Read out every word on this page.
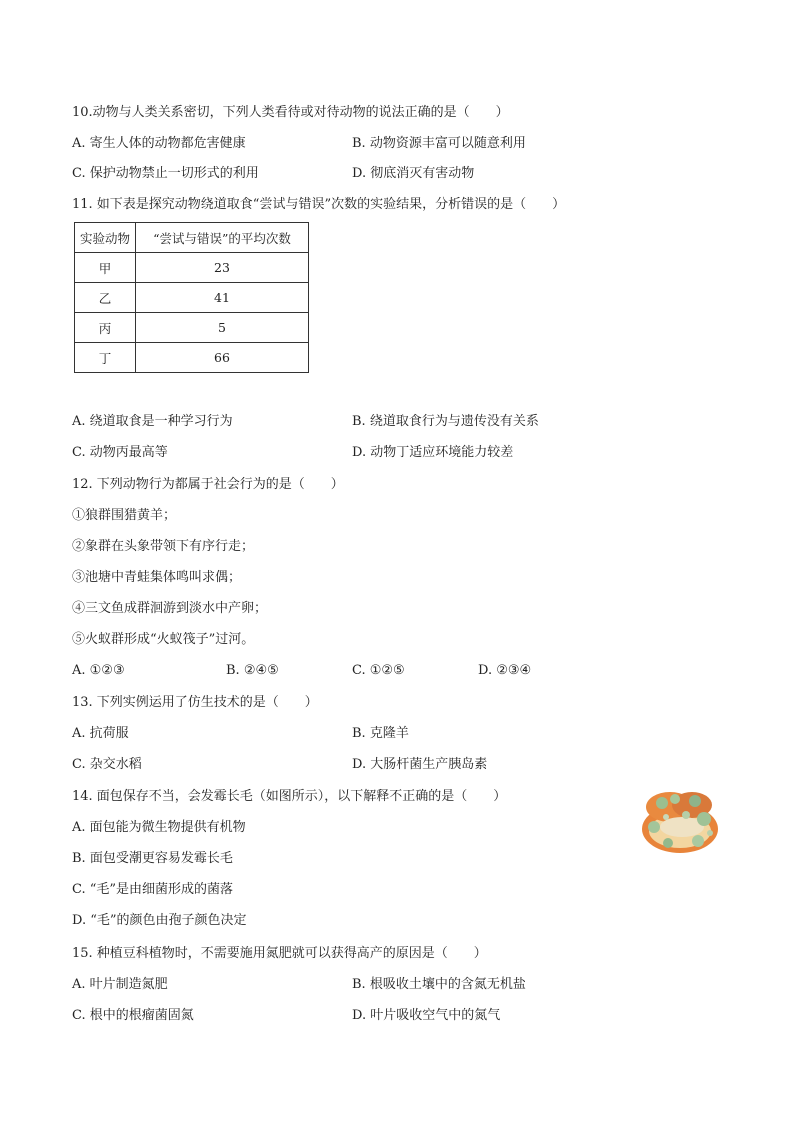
10.动物与人类关系密切，下列人类看待或对待动物的说法正确的是（　　）
A. 寄生人体的动物都危害健康	B. 动物资源丰富可以随意利用
C. 保护动物禁止一切形式的利用	D. 彻底消灭有害动物
11. 如下表是探究动物绕道取食“尝试与错误”次数的实验结果，分析错误的是（　　）
实验动物	“尝试与错误”的平均次数
甲	23
乙	41
丙	5
丁	66
A. 绕道取食是一种学习行为	B. 绕道取食行为与遗传没有关系
C. 动物丙最高等	D. 动物丁适应环境能力较差
12. 下列动物行为都属于社会行为的是（　　）
①狼群围猎黄羊；
②象群在头象带领下有序行走；
③池塘中青蛙集体鸣叫求偶；
④三文鱼成群洄游到淡水中产卵；
⑤火蚁群形成“火蚁筏子”过河。
A. ①②③	B. ②④⑤	C. ①②⑤	D. ②③④
13. 下列实例运用了仿生技术的是（　　）
A. 抗荷服	B. 克隆羊
C. 杂交水稻	D. 大肠杆菌生产胰岛素
14. 面包保存不当，会发霉长毛（如图所示），以下解释不正确的是（　　）
A. 面包能为微生物提供有机物
B. 面包受潮更容易发霉长毛
C. “毛”是由细菌形成的菌落
D. “毛”的颜色由孢子颜色决定
15. 种植豆科植物时，不需要施用氮肥就可以获得高产的原因是（　　）
A. 叶片制造氮肥	B. 根吸收土壤中的含氮无机盐
C. 根中的根瘤菌固氮	D. 叶片吸收空气中的氮气
